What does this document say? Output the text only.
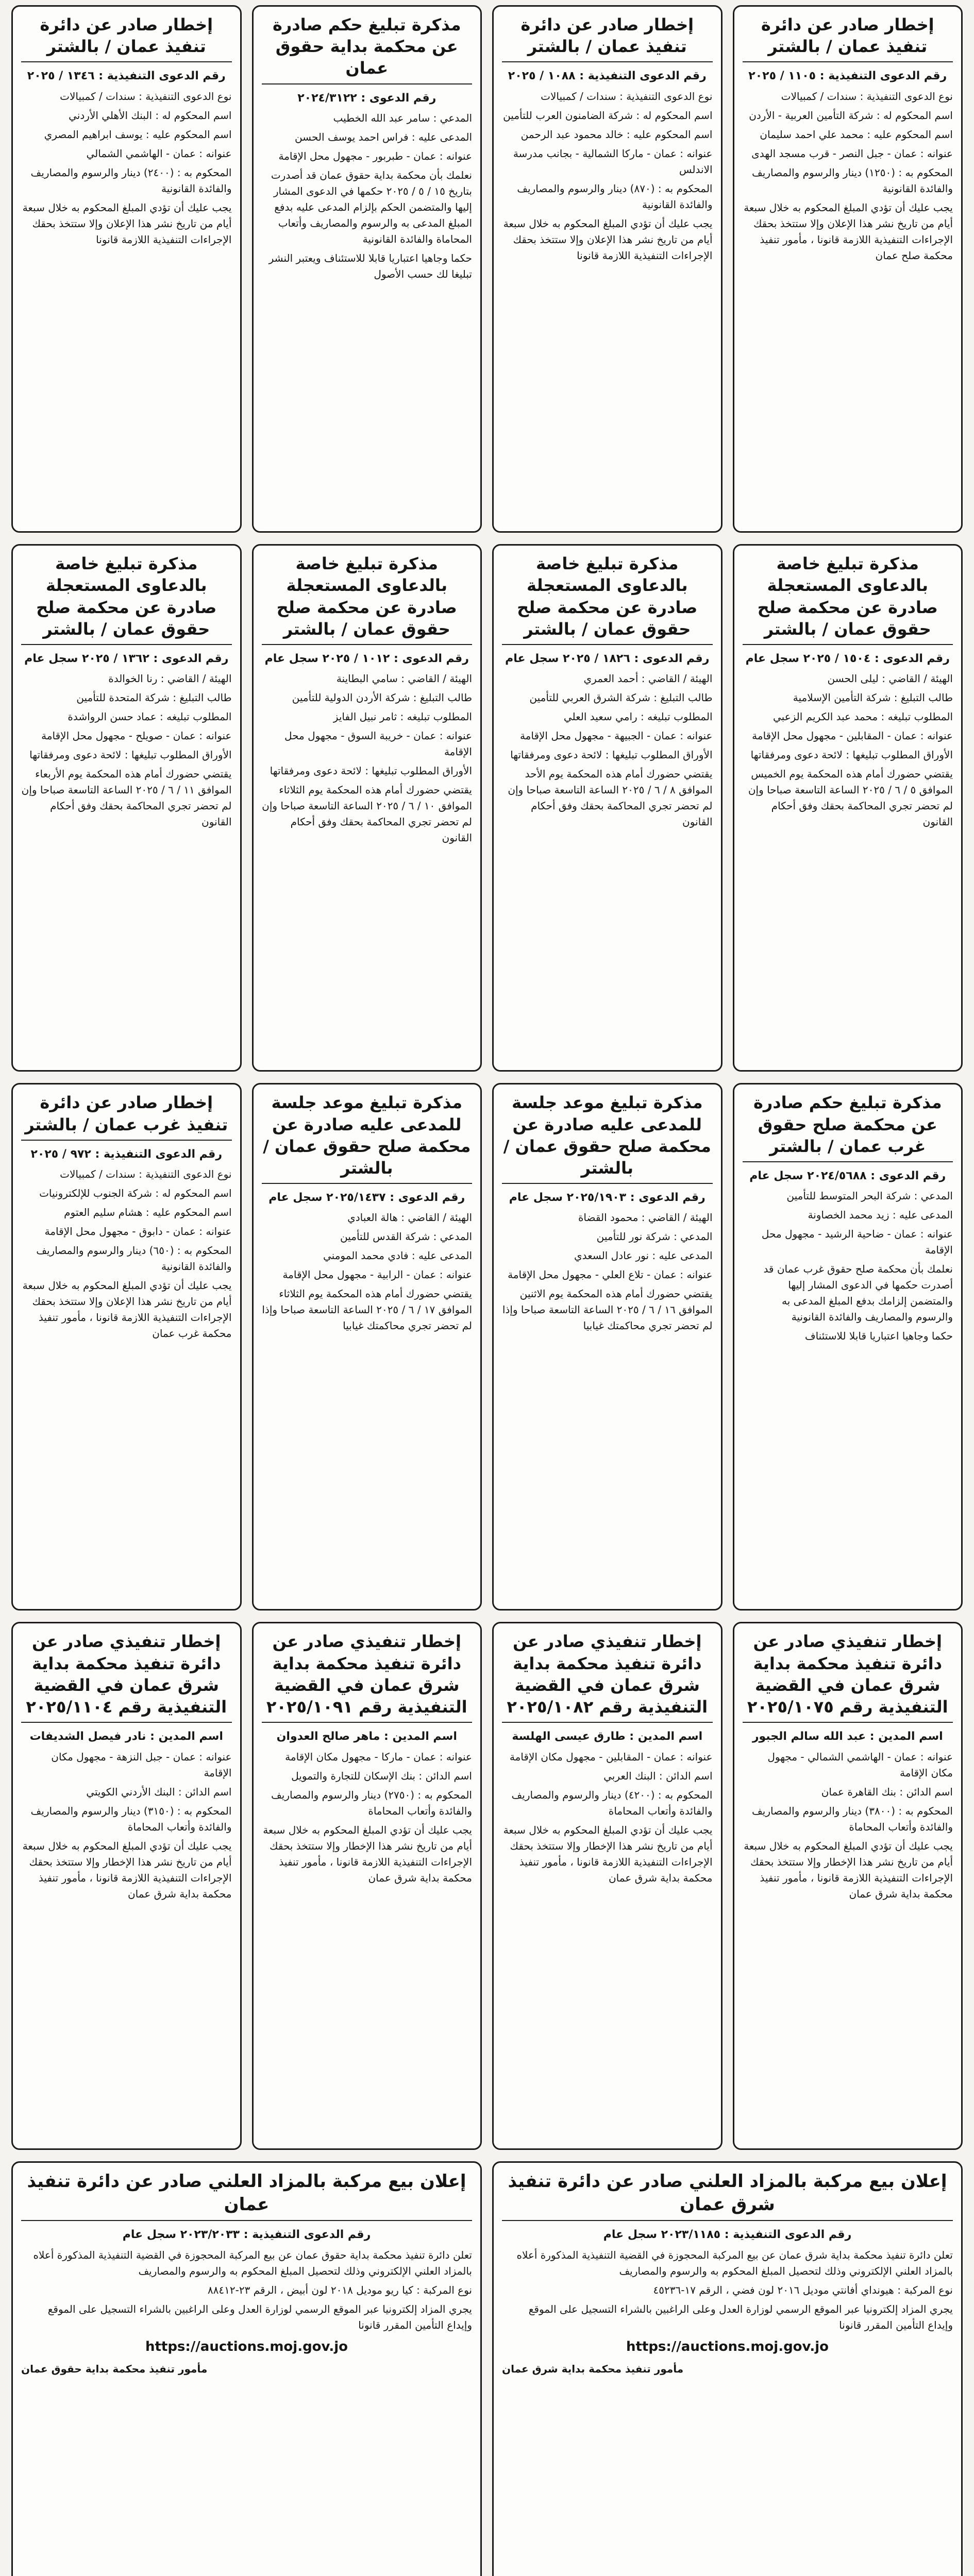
إخطار صادر عن دائرة تنفيذ عمان / بالشتر

رقم الدعوى التنفيذية : ١١٠٥ / ٢٠٢٥

نوع الدعوى التنفيذية : سندات / كمبيالات

اسم المحكوم له : شركة التأمين العربية - الأردن

اسم المحكوم عليه : محمد علي احمد سليمان

عنوانه : عمان - جبل النصر - قرب مسجد الهدى

المحكوم به : (١٢٥٠) دينار والرسوم والمصاريف والفائدة القانونية

يجب عليك أن تؤدي المبلغ المحكوم به خلال سبعة أيام من تاريخ نشر هذا الإعلان وإلا ستتخذ بحقك الإجراءات التنفيذية اللازمة قانونا ، مأمور تنفيذ محكمة صلح عمان

إخطار صادر عن دائرة تنفيذ عمان / بالشتر

رقم الدعوى التنفيذية : ١٠٨٨ / ٢٠٢٥

نوع الدعوى التنفيذية : سندات / كمبيالات

اسم المحكوم له : شركة الضامنون العرب للتأمين

اسم المحكوم عليه : خالد محمود عبد الرحمن

عنوانه : عمان - ماركا الشمالية - بجانب مدرسة الاندلس

المحكوم به : (٨٧٠) دينار والرسوم والمصاريف والفائدة القانونية

يجب عليك أن تؤدي المبلغ المحكوم به خلال سبعة أيام من تاريخ نشر هذا الإعلان وإلا ستتخذ بحقك الإجراءات التنفيذية اللازمة قانونا

مذكرة تبليغ حكم صادرة عن محكمة بداية حقوق عمان

رقم الدعوى : ٢٠٢٤/٣١٢٢

المدعي : سامر عبد الله الخطيب

المدعى عليه : فراس احمد يوسف الحسن

عنوانه : عمان - طبربور - مجهول محل الإقامة

نعلمك بأن محكمة بداية حقوق عمان قد أصدرت بتاريخ ١٥ / ٥ / ٢٠٢٥ حكمها في الدعوى المشار إليها والمتضمن الحكم بإلزام المدعى عليه بدفع المبلغ المدعى به والرسوم والمصاريف وأتعاب المحاماة والفائدة القانونية

حكما وجاهيا اعتباريا قابلا للاستئناف ويعتبر النشر تبليغا لك حسب الأصول

إخطار صادر عن دائرة تنفيذ عمان / بالشتر

رقم الدعوى التنفيذية : ١٣٤٦ / ٢٠٢٥

نوع الدعوى التنفيذية : سندات / كمبيالات

اسم المحكوم له : البنك الأهلي الأردني

اسم المحكوم عليه : يوسف ابراهيم المصري

عنوانه : عمان - الهاشمي الشمالي

المحكوم به : (٢٤٠٠) دينار والرسوم والمصاريف والفائدة القانونية

يجب عليك أن تؤدي المبلغ المحكوم به خلال سبعة أيام من تاريخ نشر هذا الإعلان وإلا ستتخذ بحقك الإجراءات التنفيذية اللازمة قانونا

مذكرة تبليغ خاصة بالدعاوى المستعجلة صادرة عن محكمة صلح حقوق عمان / بالشتر

رقم الدعوى : ١٥٠٤ / ٢٠٢٥ سجل عام

الهيئة / القاضي : ليلى الحسن

طالب التبليغ : شركة التأمين الإسلامية

المطلوب تبليغه : محمد عبد الكريم الزعبي

عنوانه : عمان - المقابلين - مجهول محل الإقامة

الأوراق المطلوب تبليغها : لائحة دعوى ومرفقاتها

يقتضي حضورك أمام هذه المحكمة يوم الخميس الموافق ٥ / ٦ / ٢٠٢٥ الساعة التاسعة صباحا وإن لم تحضر تجري المحاكمة بحقك وفق أحكام القانون

مذكرة تبليغ خاصة بالدعاوى المستعجلة صادرة عن محكمة صلح حقوق عمان / بالشتر

رقم الدعوى : ١٨٢٦ / ٢٠٢٥ سجل عام

الهيئة / القاضي : أحمد العمري

طالب التبليغ : شركة الشرق العربي للتأمين

المطلوب تبليغه : رامي سعيد العلي

عنوانه : عمان - الجبيهة - مجهول محل الإقامة

الأوراق المطلوب تبليغها : لائحة دعوى ومرفقاتها

يقتضي حضورك أمام هذه المحكمة يوم الأحد الموافق ٨ / ٦ / ٢٠٢٥ الساعة التاسعة صباحا وإن لم تحضر تجري المحاكمة بحقك وفق أحكام القانون

مذكرة تبليغ خاصة بالدعاوى المستعجلة صادرة عن محكمة صلح حقوق عمان / بالشتر

رقم الدعوى : ١٠١٢ / ٢٠٢٥ سجل عام

الهيئة / القاضي : سامي البطاينة

طالب التبليغ : شركة الأردن الدولية للتأمين

المطلوب تبليغه : ثامر نبيل الفايز

عنوانه : عمان - خريبة السوق - مجهول محل الإقامة

الأوراق المطلوب تبليغها : لائحة دعوى ومرفقاتها

يقتضي حضورك أمام هذه المحكمة يوم الثلاثاء الموافق ١٠ / ٦ / ٢٠٢٥ الساعة التاسعة صباحا وإن لم تحضر تجري المحاكمة بحقك وفق أحكام القانون

مذكرة تبليغ خاصة بالدعاوى المستعجلة صادرة عن محكمة صلح حقوق عمان / بالشتر

رقم الدعوى : ١٣٦٢ / ٢٠٢٥ سجل عام

الهيئة / القاضي : رنا الخوالدة

طالب التبليغ : شركة المتحدة للتأمين

المطلوب تبليغه : عماد حسن الرواشدة

عنوانه : عمان - صويلح - مجهول محل الإقامة

الأوراق المطلوب تبليغها : لائحة دعوى ومرفقاتها

يقتضي حضورك أمام هذه المحكمة يوم الأربعاء الموافق ١١ / ٦ / ٢٠٢٥ الساعة التاسعة صباحا وإن لم تحضر تجري المحاكمة بحقك وفق أحكام القانون

مذكرة تبليغ حكم صادرة عن محكمة صلح حقوق غرب عمان / بالشتر

رقم الدعوى : ٢٠٢٤/٥٦٨٨ سجل عام

المدعي : شركة البحر المتوسط للتأمين

المدعى عليه : زيد محمد الخصاونة

عنوانه : عمان - ضاحية الرشيد - مجهول محل الإقامة

نعلمك بأن محكمة صلح حقوق غرب عمان قد أصدرت حكمها في الدعوى المشار إليها والمتضمن إلزامك بدفع المبلغ المدعى به والرسوم والمصاريف والفائدة القانونية

حكما وجاهيا اعتباريا قابلا للاستئناف

مذكرة تبليغ موعد جلسة للمدعى عليه صادرة عن محكمة صلح حقوق عمان / بالشتر

رقم الدعوى : ٢٠٢٥/١٩٠٣ سجل عام

الهيئة / القاضي : محمود القضاة

المدعي : شركة نور للتأمين

المدعى عليه : نور عادل السعدي

عنوانه : عمان - تلاع العلي - مجهول محل الإقامة

يقتضي حضورك أمام هذه المحكمة يوم الاثنين الموافق ١٦ / ٦ / ٢٠٢٥ الساعة التاسعة صباحا وإذا لم تحضر تجري محاكمتك غيابيا

مذكرة تبليغ موعد جلسة للمدعى عليه صادرة عن محكمة صلح حقوق عمان / بالشتر

رقم الدعوى : ٢٠٢٥/١٤٣٧ سجل عام

الهيئة / القاضي : هالة العبادي

المدعي : شركة القدس للتأمين

المدعى عليه : فادي محمد المومني

عنوانه : عمان - الرابية - مجهول محل الإقامة

يقتضي حضورك أمام هذه المحكمة يوم الثلاثاء الموافق ١٧ / ٦ / ٢٠٢٥ الساعة التاسعة صباحا وإذا لم تحضر تجري محاكمتك غيابيا

إخطار صادر عن دائرة تنفيذ غرب عمان / بالشتر

رقم الدعوى التنفيذية : ٩٧٢ / ٢٠٢٥

نوع الدعوى التنفيذية : سندات / كمبيالات

اسم المحكوم له : شركة الجنوب للإلكترونيات

اسم المحكوم عليه : هشام سليم العتوم

عنوانه : عمان - دابوق - مجهول محل الإقامة

المحكوم به : (٦٥٠) دينار والرسوم والمصاريف والفائدة القانونية

يجب عليك أن تؤدي المبلغ المحكوم به خلال سبعة أيام من تاريخ نشر هذا الإعلان وإلا ستتخذ بحقك الإجراءات التنفيذية اللازمة قانونا ، مأمور تنفيذ محكمة غرب عمان

إخطار تنفيذي صادر عن دائرة تنفيذ محكمة بداية شرق عمان في القضية التنفيذية رقم ٢٠٢٥/١٠٧٥

اسم المدين : عبد الله سالم الجبور

عنوانه : عمان - الهاشمي الشمالي - مجهول مكان الإقامة

اسم الدائن : بنك القاهرة عمان

المحكوم به : (٣٨٠٠) دينار والرسوم والمصاريف والفائدة وأتعاب المحاماة

يجب عليك أن تؤدي المبلغ المحكوم به خلال سبعة أيام من تاريخ نشر هذا الإخطار وإلا ستتخذ بحقك الإجراءات التنفيذية اللازمة قانونا ، مأمور تنفيذ محكمة بداية شرق عمان

إخطار تنفيذي صادر عن دائرة تنفيذ محكمة بداية شرق عمان في القضية التنفيذية رقم ٢٠٢٥/١٠٨٢

اسم المدين : طارق عيسى الهلسة

عنوانه : عمان - المقابلين - مجهول مكان الإقامة

اسم الدائن : البنك العربي

المحكوم به : (٤٢٠٠) دينار والرسوم والمصاريف والفائدة وأتعاب المحاماة

يجب عليك أن تؤدي المبلغ المحكوم به خلال سبعة أيام من تاريخ نشر هذا الإخطار وإلا ستتخذ بحقك الإجراءات التنفيذية اللازمة قانونا ، مأمور تنفيذ محكمة بداية شرق عمان

إخطار تنفيذي صادر عن دائرة تنفيذ محكمة بداية شرق عمان في القضية التنفيذية رقم ٢٠٢٥/١٠٩١

اسم المدين : ماهر صالح العدوان

عنوانه : عمان - ماركا - مجهول مكان الإقامة

اسم الدائن : بنك الإسكان للتجارة والتمويل

المحكوم به : (٢٧٥٠) دينار والرسوم والمصاريف والفائدة وأتعاب المحاماة

يجب عليك أن تؤدي المبلغ المحكوم به خلال سبعة أيام من تاريخ نشر هذا الإخطار وإلا ستتخذ بحقك الإجراءات التنفيذية اللازمة قانونا ، مأمور تنفيذ محكمة بداية شرق عمان

إخطار تنفيذي صادر عن دائرة تنفيذ محكمة بداية شرق عمان في القضية التنفيذية رقم ٢٠٢٥/١١٠٤

اسم المدين : نادر فيصل الشديفات

عنوانه : عمان - جبل النزهة - مجهول مكان الإقامة

اسم الدائن : البنك الأردني الكويتي

المحكوم به : (٣١٥٠) دينار والرسوم والمصاريف والفائدة وأتعاب المحاماة

يجب عليك أن تؤدي المبلغ المحكوم به خلال سبعة أيام من تاريخ نشر هذا الإخطار وإلا ستتخذ بحقك الإجراءات التنفيذية اللازمة قانونا ، مأمور تنفيذ محكمة بداية شرق عمان

إعلان بيع مركبة بالمزاد العلني صادر عن دائرة تنفيذ شرق عمان

رقم الدعوى التنفيذية : ٢٠٢٣/١١٨٥ سجل عام

تعلن دائرة تنفيذ محكمة بداية شرق عمان عن بيع المركبة المحجوزة في القضية التنفيذية المذكورة أعلاه بالمزاد العلني الإلكتروني وذلك لتحصيل المبلغ المحكوم به والرسوم والمصاريف

نوع المركبة : هيونداي أفانتي موديل ٢٠١٦ لون فضي ، الرقم ١٧-٤٥٢٣٦

يجري المزاد إلكترونيا عبر الموقع الرسمي لوزارة العدل وعلى الراغبين بالشراء التسجيل على الموقع وإيداع التأمين المقرر قانونا

https://auctions.moj.gov.jo

مأمور تنفيذ محكمة بداية شرق عمان

إعلان بيع مركبة بالمزاد العلني صادر عن دائرة تنفيذ عمان

رقم الدعوى التنفيذية : ٢٠٢٣/٢٠٣٣ سجل عام

تعلن دائرة تنفيذ محكمة بداية حقوق عمان عن بيع المركبة المحجوزة في القضية التنفيذية المذكورة أعلاه بالمزاد العلني الإلكتروني وذلك لتحصيل المبلغ المحكوم به والرسوم والمصاريف

نوع المركبة : كيا ريو موديل ٢٠١٨ لون أبيض ، الرقم ٢٣-٨٨٤١٢

يجري المزاد إلكترونيا عبر الموقع الرسمي لوزارة العدل وعلى الراغبين بالشراء التسجيل على الموقع وإيداع التأمين المقرر قانونا

https://auctions.moj.gov.jo

مأمور تنفيذ محكمة بداية حقوق عمان
